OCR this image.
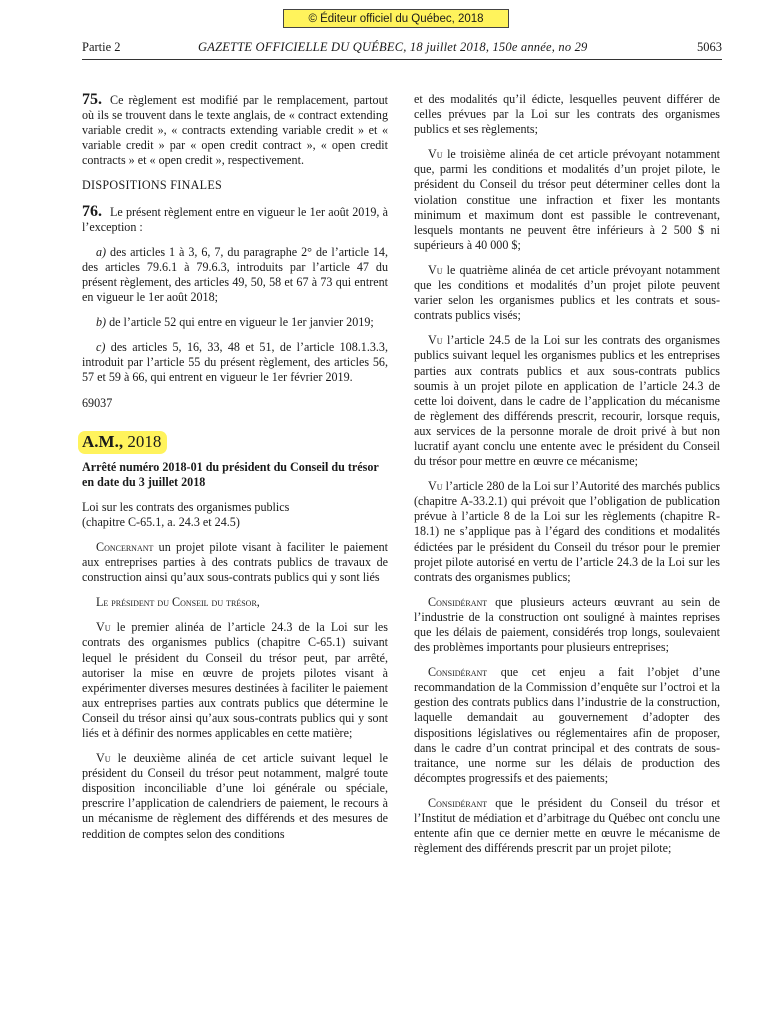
© Éditeur officiel du Québec, 2018
Partie 2	GAZETTE OFFICIELLE DU QUÉBEC, 18 juillet 2018, 150e année, no 29	5063

75. Ce règlement est modifié par le remplacement, partout où ils se trouvent dans le texte anglais, de « contract extending variable credit », « contracts extending variable credit » et « variable credit » par « open credit contract », « open credit contracts » et « open credit », respectivement.

DISPOSITIONS FINALES

76. Le présent règlement entre en vigueur le 1er août 2019, à l’exception :

a) des articles 1 à 3, 6, 7, du paragraphe 2° de l’article 14, des articles 79.6.1 à 79.6.3, introduits par l’article 47 du présent règlement, des articles 49, 50, 58 et 67 à 73 qui entrent en vigueur le 1er août 2018;

b) de l’article 52 qui entre en vigueur le 1er janvier 2019;

c) des articles 5, 16, 33, 48 et 51, de l’article 108.1.3.3, introduit par l’article 55 du présent règlement, des articles 56, 57 et 59 à 66, qui entrent en vigueur le 1er février 2019.

69037

A.M., 2018

Arrêté numéro 2018-01 du président du Conseil du trésor en date du 3 juillet 2018

Loi sur les contrats des organismes publics
(chapitre C-65.1, a. 24.3 et 24.5)

Concernant un projet pilote visant à faciliter le paiement aux entreprises parties à des contrats publics de travaux de construction ainsi qu’aux sous-contrats publics qui y sont liés

Le président du Conseil du trésor,

Vu le premier alinéa de l’article 24.3 de la Loi sur les contrats des organismes publics (chapitre C-65.1) suivant lequel le président du Conseil du trésor peut, par arrêté, autoriser la mise en œuvre de projets pilotes visant à expérimenter diverses mesures destinées à faciliter le paiement aux entreprises parties aux contrats publics que détermine le Conseil du trésor ainsi qu’aux sous-contrats publics qui y sont liés et à définir des normes applicables en cette matière;

Vu le deuxième alinéa de cet article suivant lequel le président du Conseil du trésor peut notamment, malgré toute disposition inconciliable d’une loi générale ou spéciale, prescrire l’application de calendriers de paiement, le recours à un mécanisme de règlement des différends et des mesures de reddition de comptes selon des conditions

et des modalités qu’il édicte, lesquelles peuvent différer de celles prévues par la Loi sur les contrats des organismes publics et ses règlements;

Vu le troisième alinéa de cet article prévoyant notamment que, parmi les conditions et modalités d’un projet pilote, le président du Conseil du trésor peut déterminer celles dont la violation constitue une infraction et fixer les montants minimum et maximum dont est passible le contrevenant, lesquels montants ne peuvent être inférieurs à 2 500 $ ni supérieurs à 40 000 $;

Vu le quatrième alinéa de cet article prévoyant notamment que les conditions et modalités d’un projet pilote peuvent varier selon les organismes publics et les contrats et sous-contrats publics visés;

Vu l’article 24.5 de la Loi sur les contrats des organismes publics suivant lequel les organismes publics et les entreprises parties aux contrats publics et aux sous-contrats publics soumis à un projet pilote en application de l’article 24.3 de cette loi doivent, dans le cadre de l’application du mécanisme de règlement des différends prescrit, recourir, lorsque requis, aux services de la personne morale de droit privé à but non lucratif ayant conclu une entente avec le président du Conseil du trésor pour mettre en œuvre ce mécanisme;

Vu l’article 280 de la Loi sur l’Autorité des marchés publics (chapitre A-33.2.1) qui prévoit que l’obligation de publication prévue à l’article 8 de la Loi sur les règlements (chapitre R-18.1) ne s’applique pas à l’égard des conditions et modalités édictées par le président du Conseil du trésor pour le premier projet pilote autorisé en vertu de l’article 24.3 de la Loi sur les contrats des organismes publics;

Considérant que plusieurs acteurs œuvrant au sein de l’industrie de la construction ont souligné à maintes reprises que les délais de paiement, considérés trop longs, soulevaient des problèmes importants pour plusieurs entreprises;

Considérant que cet enjeu a fait l’objet d’une recommandation de la Commission d’enquête sur l’octroi et la gestion des contrats publics dans l’industrie de la construction, laquelle demandait au gouvernement d’adopter des dispositions législatives ou réglementaires afin de proposer, dans le cadre d’un contrat principal et des contrats de sous-traitance, une norme sur les délais de production des décomptes progressifs et des paiements;

Considérant que le président du Conseil du trésor et l’Institut de médiation et d’arbitrage du Québec ont conclu une entente afin que ce dernier mette en œuvre le mécanisme de règlement des différends prescrit par un projet pilote;
